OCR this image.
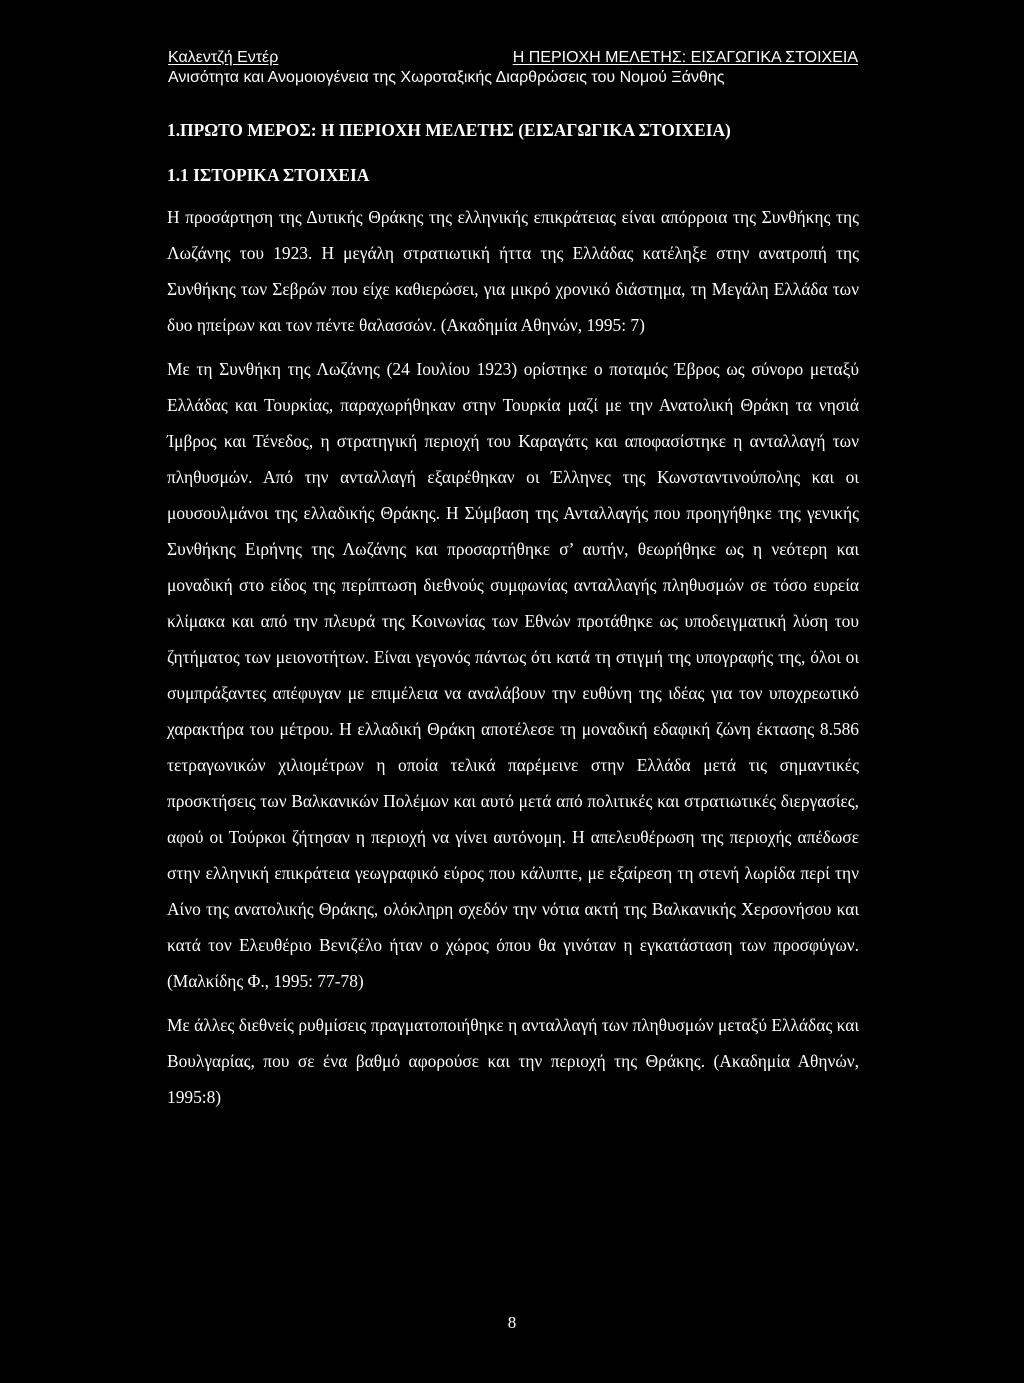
Καλεντζή Εντέρ	Η ΠΕΡΙΟΧΗ ΜΕΛΕΤΗΣ: ΕΙΣΑΓΩΓΙΚΑ ΣΤΟΙΧΕΙΑ
Ανισότητα και Ανομοιογένεια της Χωροταξικής Διαρθρώσεις του Νομού Ξάνθης

1.ΠΡΩΤΟ ΜΕΡΟΣ: Η ΠΕΡΙΟΧΗ ΜΕΛΕΤΗΣ (ΕΙΣΑΓΩΓΙΚΑ ΣΤΟΙΧΕΙΑ)

1.1 ΙΣΤΟΡΙΚΑ ΣΤΟΙΧΕΙΑ

Η προσάρτηση της Δυτικής Θράκης της ελληνικής επικράτειας είναι απόρροια της Συνθήκης της Λωζάνης του 1923. Η μεγάλη στρατιωτική ήττα της Ελλάδας κατέληξε στην ανατροπή της Συνθήκης των Σεβρών που είχε καθιερώσει, για μικρό χρονικό διάστημα, τη Μεγάλη Ελλάδα των δυο ηπείρων και των πέντε θαλασσών. (Ακαδημία Αθηνών, 1995: 7)

Με τη Συνθήκη της Λωζάνης (24 Ιουλίου 1923) ορίστηκε ο ποταμός Έβρος ως σύνορο μεταξύ Ελλάδας και Τουρκίας, παραχωρήθηκαν στην Τουρκία μαζί με την Ανατολική Θράκη τα νησιά Ίμβρος και Τένεδος, η στρατηγική περιοχή του Καραγάτς και αποφασίστηκε η ανταλλαγή των πληθυσμών. Από την ανταλλαγή εξαιρέθηκαν οι Έλληνες της Κωνσταντινούπολης και οι μουσουλμάνοι της ελλαδικής Θράκης. Η Σύμβαση της Ανταλλαγής που προηγήθηκε της γενικής Συνθήκης Ειρήνης της Λωζάνης και προσαρτήθηκε σ’ αυτήν, θεωρήθηκε ως η νεότερη και μοναδική στο είδος της περίπτωση διεθνούς συμφωνίας ανταλλαγής πληθυσμών σε τόσο ευρεία κλίμακα και από την πλευρά της Κοινωνίας των Εθνών προτάθηκε ως υποδειγματική λύση του ζητήματος των μειονοτήτων. Είναι γεγονός πάντως ότι κατά τη στιγμή της υπογραφής της, όλοι οι συμπράξαντες απέφυγαν με επιμέλεια να αναλάβουν την ευθύνη της ιδέας για τον υποχρεωτικό χαρακτήρα του μέτρου. Η ελλαδική Θράκη αποτέλεσε τη μοναδική εδαφική ζώνη έκτασης 8.586 τετραγωνικών χιλιομέτρων η οποία τελικά παρέμεινε στην Ελλάδα μετά τις σημαντικές προσκτήσεις των Βαλκανικών Πολέμων και αυτό μετά από πολιτικές και στρατιωτικές διεργασίες, αφού οι Τούρκοι ζήτησαν η περιοχή να γίνει αυτόνομη. Η απελευθέρωση της περιοχής απέδωσε στην ελληνική επικράτεια γεωγραφικό εύρος που κάλυπτε, με εξαίρεση τη στενή λωρίδα περί την Αίνο της ανατολικής Θράκης, ολόκληρη σχεδόν την νότια ακτή της Βαλκανικής Χερσονήσου και κατά τον Ελευθέριο Βενιζέλο ήταν ο χώρος όπου θα γινόταν η εγκατάσταση των προσφύγων. (Μαλκίδης Φ., 1995: 77-78)

Με άλλες διεθνείς ρυθμίσεις πραγματοποιήθηκε η ανταλλαγή των πληθυσμών μεταξύ Ελλάδας και Βουλγαρίας, που σε ένα βαθμό αφορούσε και την περιοχή της Θράκης. (Ακαδημία Αθηνών, 1995:8)

8
